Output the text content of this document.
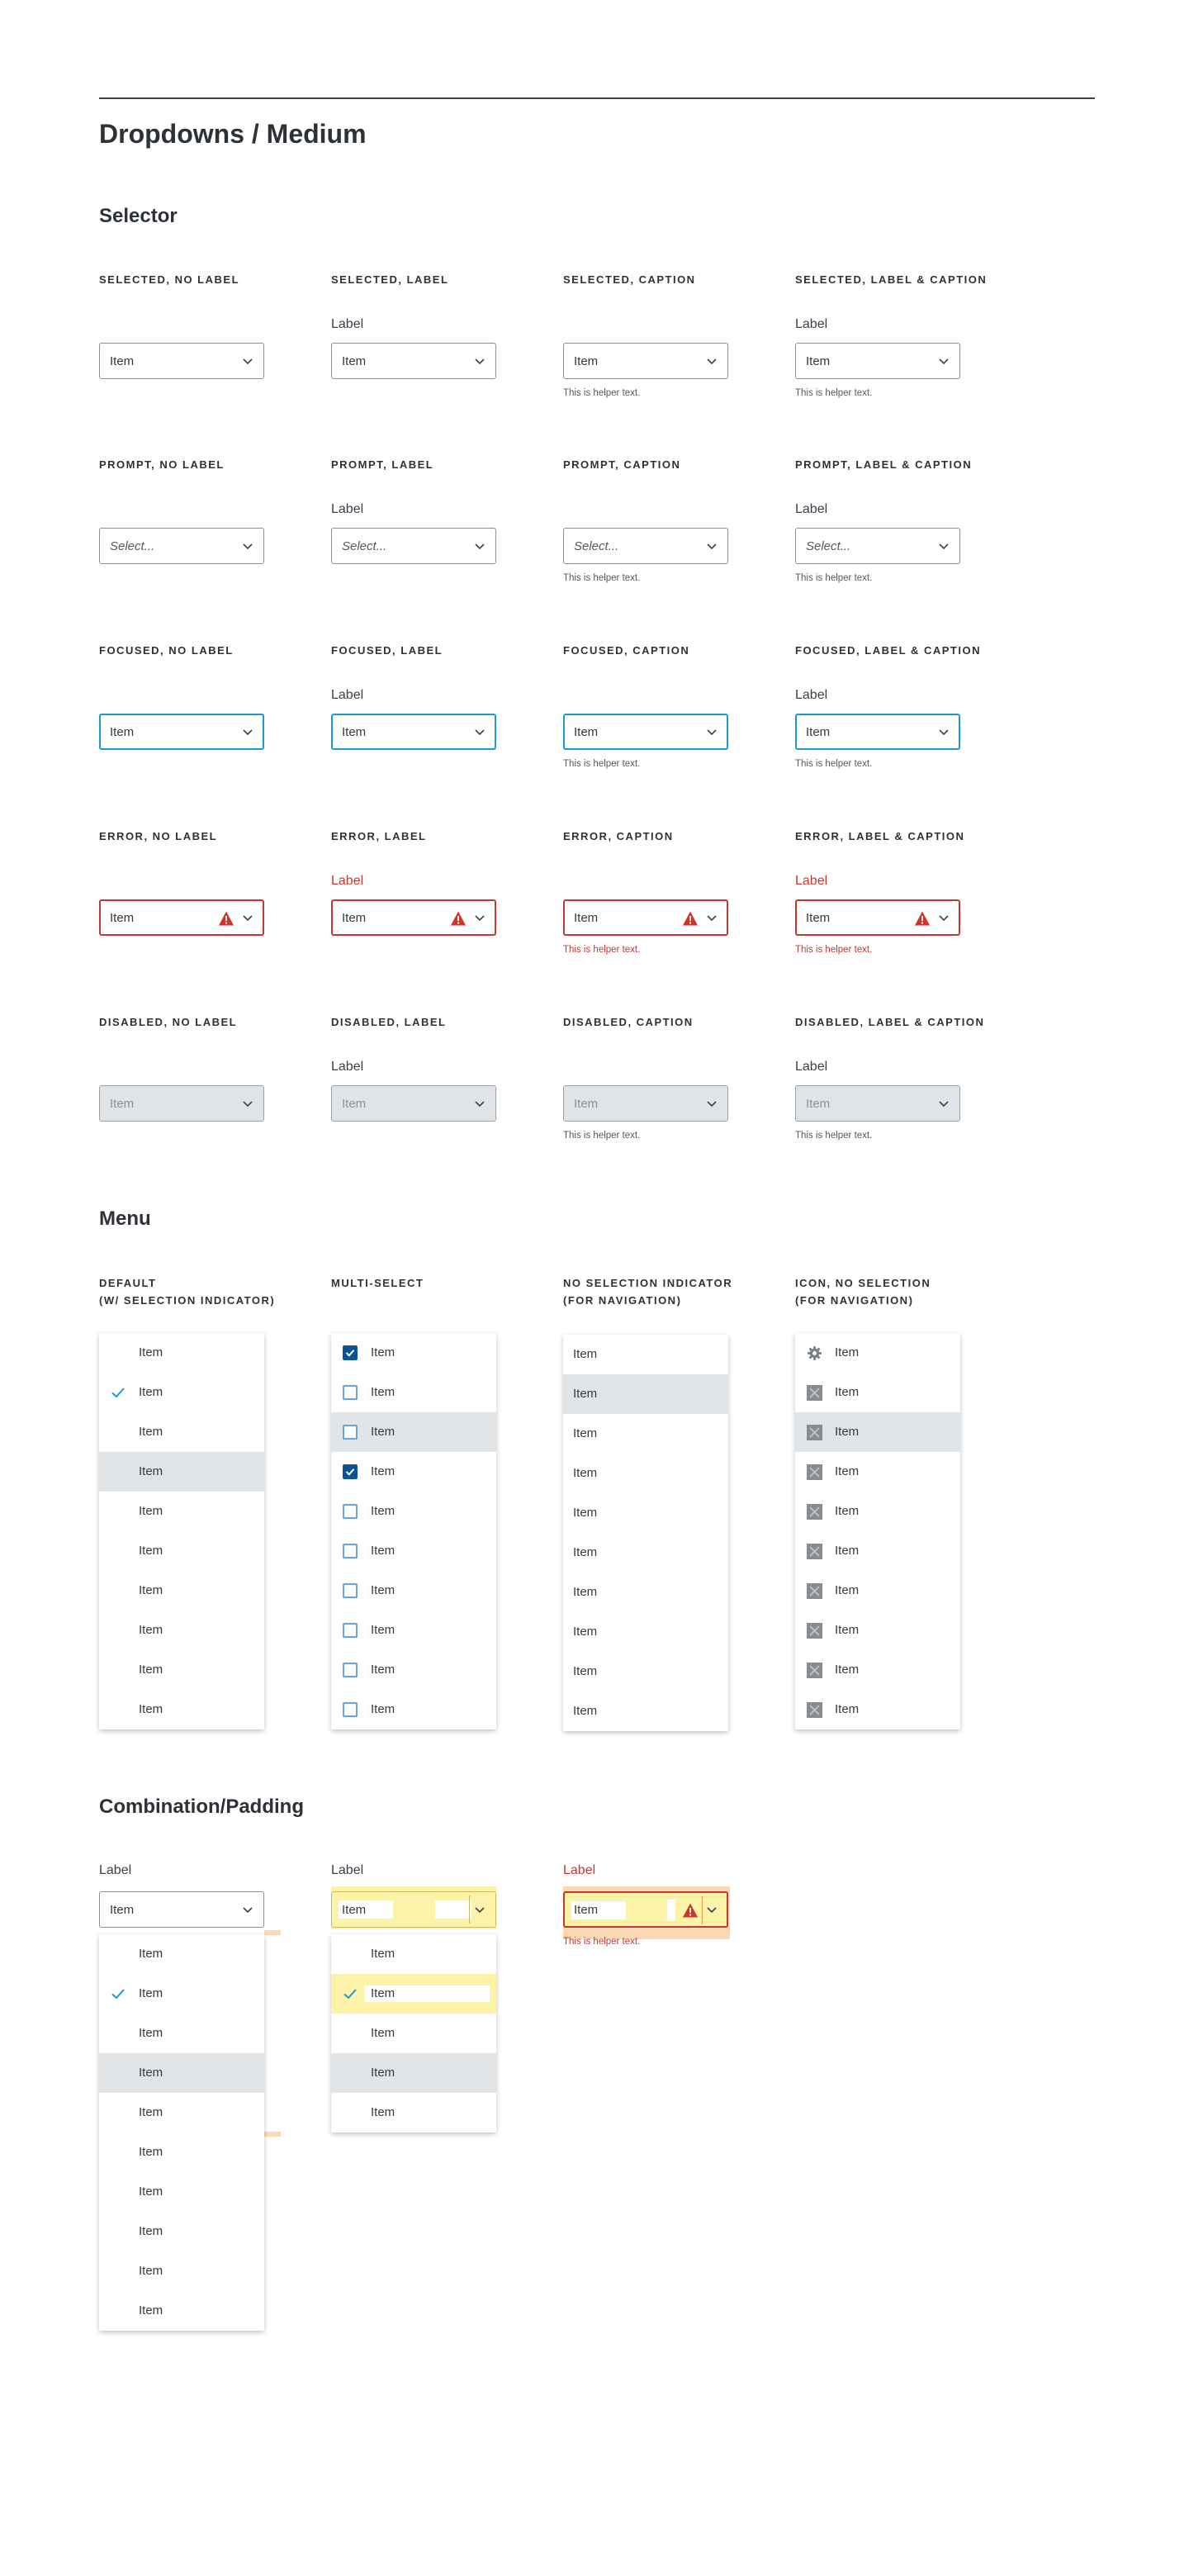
Dropdowns / Medium
Selector
SELECTED, NO LABEL
Item
SELECTED, LABEL
Label
Item
SELECTED, CAPTION
Item
This is helper text.
SELECTED, LABEL & CAPTION
Label
Item
This is helper text.
PROMPT, NO LABEL
Select...
PROMPT, LABEL
Label
Select...
PROMPT, CAPTION
Select...
This is helper text.
PROMPT, LABEL & CAPTION
Label
Select...
This is helper text.
FOCUSED, NO LABEL
Item
FOCUSED, LABEL
Label
Item
FOCUSED, CAPTION
Item
This is helper text.
FOCUSED, LABEL & CAPTION
Label
Item
This is helper text.
ERROR, NO LABEL
Item
ERROR, LABEL
Label
Item
ERROR, CAPTION
Item
This is helper text.
ERROR, LABEL & CAPTION
Label
Item
This is helper text.
DISABLED, NO LABEL
Item
DISABLED, LABEL
Label
Item
DISABLED, CAPTION
Item
This is helper text.
DISABLED, LABEL & CAPTION
Label
Item
This is helper text.
Menu
DEFAULT
(W/ SELECTION INDICATOR)
Item
Item
Item
Item
Item
Item
Item
Item
Item
Item
MULTI-SELECT
Item
Item
Item
Item
Item
Item
Item
Item
Item
Item
NO SELECTION INDICATOR
(FOR NAVIGATION)
Item
Item
Item
Item
Item
Item
Item
Item
Item
Item
ICON, NO SELECTION
(FOR NAVIGATION)
Item
Item
Item
Item
Item
Item
Item
Item
Item
Item
Combination/Padding
Label
Item
Item
Item
Item
Item
Item
Item
Item
Item
Item
Item
Label
Item
Item
Item
Item
Item
Item
Label
Item
This is helper text.
